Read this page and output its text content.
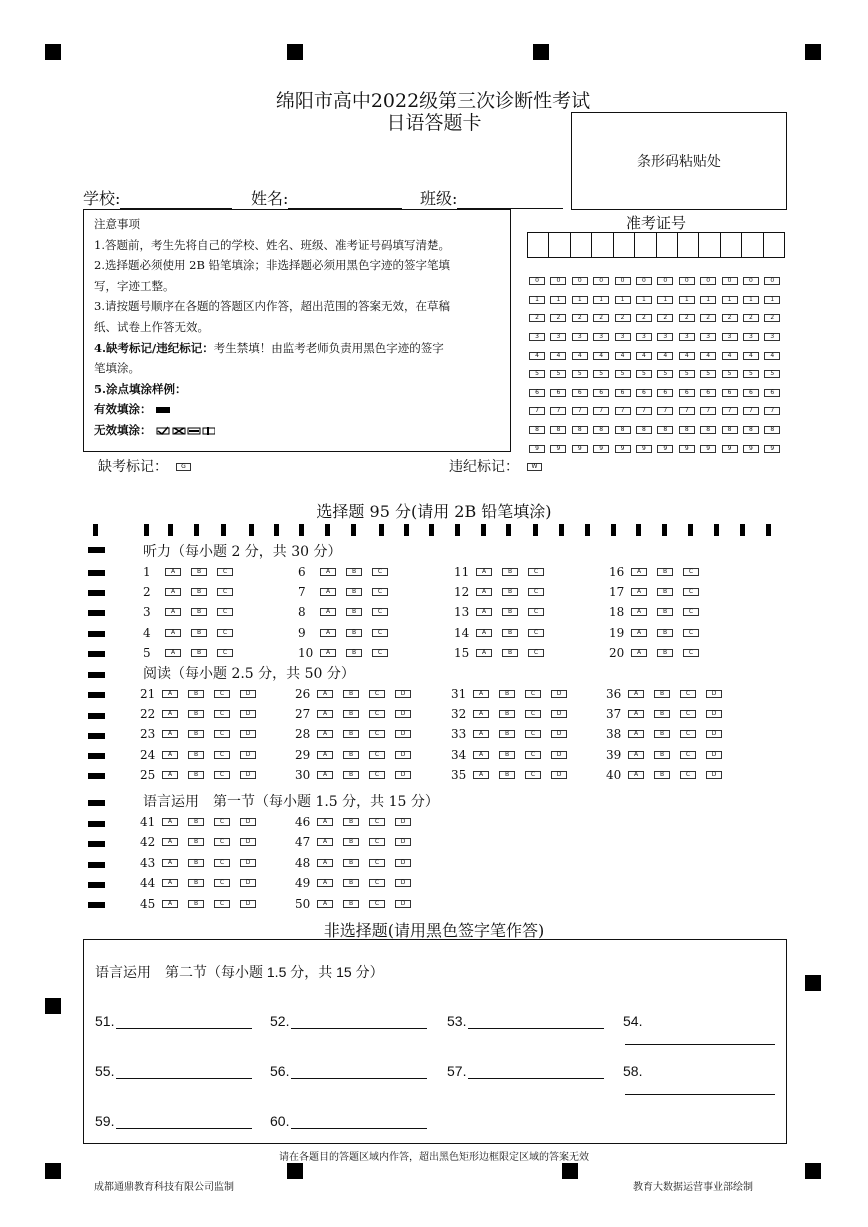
绵阳市高中2022级第三次诊断性考试
日语答题卡
条形码粘贴处
学校:	姓名:	班级:
注意事项
1.答题前，考生先将自己的学校、姓名、班级、准考证号码填写清楚。
2.选择题必须使用 2B 铅笔填涂；非选择题必须用黑色字迹的签字笔填
写，字迹工整。
3.请按题号顺序在各题的答题区内作答，超出范围的答案无效，在草稿
纸、试卷上作答无效。
4.缺考标记/违纪标记：考生禁填！由监考老师负责用黑色字迹的签字
笔填涂。
5.涂点填涂样例：
有效填涂：
无效填涂：
准考证号
0	0	0	0	0	0	0	0	0	0	0	0
1	1	1	1	1	1	1	1	1	1	1	1
2	2	2	2	2	2	2	2	2	2	2	2
3	3	3	3	3	3	3	3	3	3	3	3
4	4	4	4	4	4	4	4	4	4	4	4
5	5	5	5	5	5	5	5	5	5	5	5
6	6	6	6	6	6	6	6	6	6	6	6
7	7	7	7	7	7	7	7	7	7	7	7
8	8	8	8	8	8	8	8	8	8	8	8
9	9	9	9	9	9	9	9	9	9	9	9
缺考标记： G	违纪标记： W
选择题 95 分(请用 2B 铅笔填涂)
听力（每小题 2 分，共 30 分）
阅读（每小题 2.5 分，共 50 分）
语言运用　第一节（每小题 1.5 分，共 15 分）
1	A	B	C
2	A	B	C
3	A	B	C
4	A	B	C
5	A	B	C
6	A	B	C
7	A	B	C
8	A	B	C
9	A	B	C
10	A	B	C
11	A	B	C
12	A	B	C
13	A	B	C
14	A	B	C
15	A	B	C
16	A	B	C
17	A	B	C
18	A	B	C
19	A	B	C
20	A	B	C
21	A	B	C	D
22	A	B	C	D
23	A	B	C	D
24	A	B	C	D
25	A	B	C	D
26	A	B	C	D
27	A	B	C	D
28	A	B	C	D
29	A	B	C	D
30	A	B	C	D
31	A	B	C	D
32	A	B	C	D
33	A	B	C	D
34	A	B	C	D
35	A	B	C	D
36	A	B	C	D
37	A	B	C	D
38	A	B	C	D
39	A	B	C	D
40	A	B	C	D
41	A	B	C	D
42	A	B	C	D
43	A	B	C	D
44	A	B	C	D
45	A	B	C	D
46	A	B	C	D
47	A	B	C	D
48	A	B	C	D
49	A	B	C	D
50	A	B	C	D
非选择题(请用黑色签字笔作答)
语言运用　第二节（每小题 1.5 分，共 15 分）
51.	52.	53.	54.
55.	56.	57.	58.
59.	60.
请在各题目的答题区域内作答，超出黑色矩形边框限定区域的答案无效
成都通鼎教育科技有限公司监制	教育大数据运营事业部绘制
